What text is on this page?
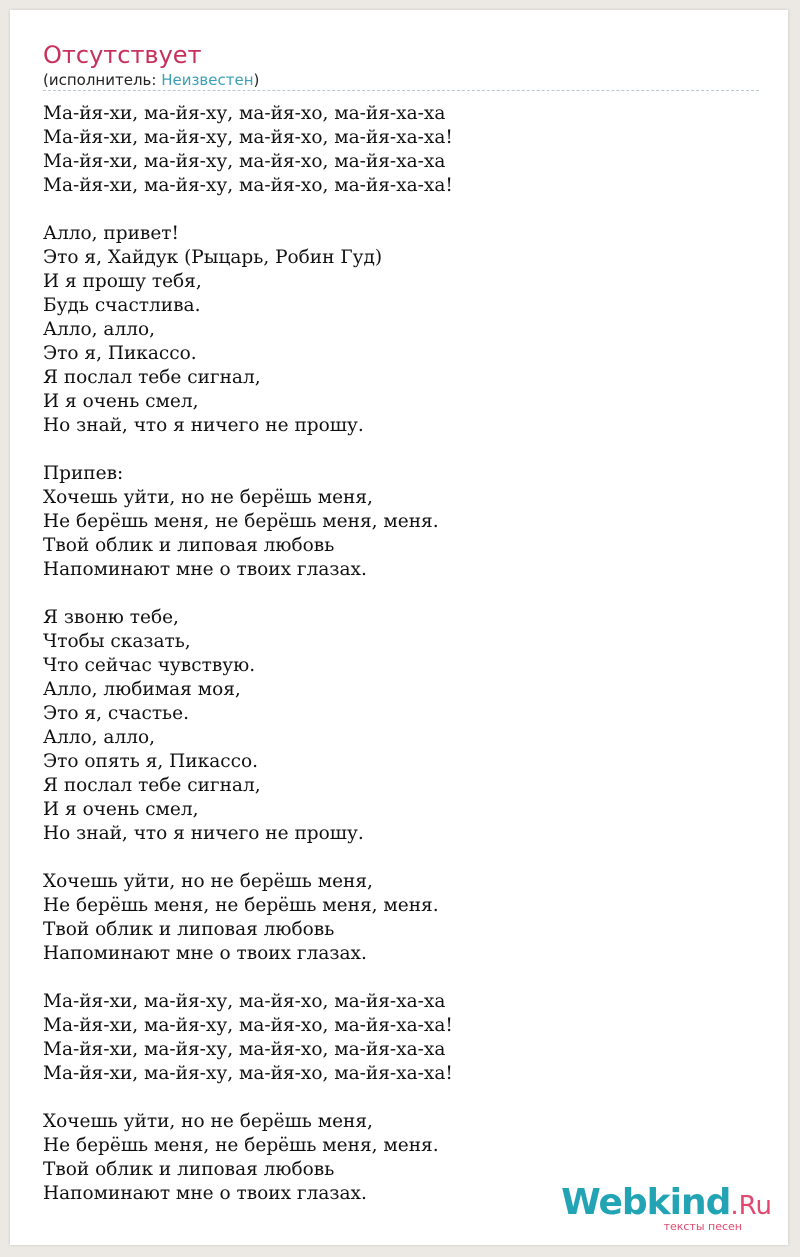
Отсутствует
(исполнитель: Неизвестен)
Ма-йя-хи, ма-йя-ху, ма-йя-хо, ма-йя-ха-ха
Ма-йя-хи, ма-йя-ху, ма-йя-хо, ма-йя-ха-ха!
Ма-йя-хи, ма-йя-ху, ма-йя-хо, ма-йя-ха-ха
Ма-йя-хи, ма-йя-ху, ма-йя-хо, ма-йя-ха-ха!
Алло, привет!
Это я, Хайдук (Рыцарь, Робин Гуд)
И я прошу тебя,
Будь счастлива.
Алло, алло,
Это я, Пикассо.
Я послал тебе сигнал,
И я очень смел,
Но знай, что я ничего не прошу.
Припев:
Хочешь уйти, но не берёшь меня,
Не берёшь меня, не берёшь меня, меня.
Твой облик и липовая любовь
Напоминают мне о твоих глазах.
Я звоню тебе,
Чтобы сказать,
Что сейчас чувствую.
Алло, любимая моя,
Это я, счастье.
Алло, алло,
Это опять я, Пикассо.
Я послал тебе сигнал,
И я очень смел,
Но знай, что я ничего не прошу.
Хочешь уйти, но не берёшь меня,
Не берёшь меня, не берёшь меня, меня.
Твой облик и липовая любовь
Напоминают мне о твоих глазах.
Ма-йя-хи, ма-йя-ху, ма-йя-хо, ма-йя-ха-ха
Ма-йя-хи, ма-йя-ху, ма-йя-хо, ма-йя-ха-ха!
Ма-йя-хи, ма-йя-ху, ма-йя-хо, ма-йя-ха-ха
Ма-йя-хи, ма-йя-ху, ма-йя-хо, ма-йя-ха-ха!
Хочешь уйти, но не берёшь меня,
Не берёшь меня, не берёшь меня, меня.
Твой облик и липовая любовь
Напоминают мне о твоих глазах.	Webkind.Ru
тексты песен
